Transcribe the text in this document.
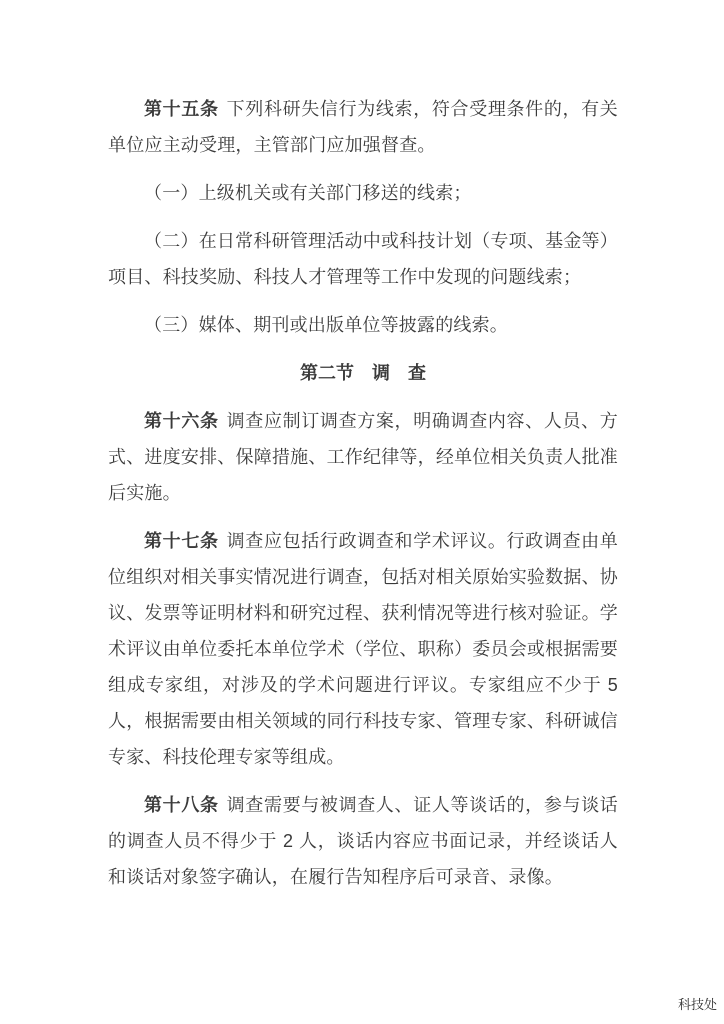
第十五条 下列科研失信行为线索，符合受理条件的，有关单位应主动受理，主管部门应加强督查。

（一）上级机关或有关部门移送的线索；

（二）在日常科研管理活动中或科技计划（专项、基金等）项目、科技奖励、科技人才管理等工作中发现的问题线索；

（三）媒体、期刊或出版单位等披露的线索。

第二节　调　查

第十六条 调查应制订调查方案，明确调查内容、人员、方式、进度安排、保障措施、工作纪律等，经单位相关负责人批准后实施。

第十七条 调查应包括行政调查和学术评议。行政调查由单位组织对相关事实情况进行调查，包括对相关原始实验数据、协议、发票等证明材料和研究过程、获利情况等进行核对验证。学术评议由单位委托本单位学术（学位、职称）委员会或根据需要组成专家组，对涉及的学术问题进行评议。专家组应不少于 5 人，根据需要由相关领域的同行科技专家、管理专家、科研诚信专家、科技伦理专家等组成。

第十八条 调查需要与被调查人、证人等谈话的，参与谈话的调查人员不得少于 2 人，谈话内容应书面记录，并经谈话人和谈话对象签字确认，在履行告知程序后可录音、录像。

科技处
